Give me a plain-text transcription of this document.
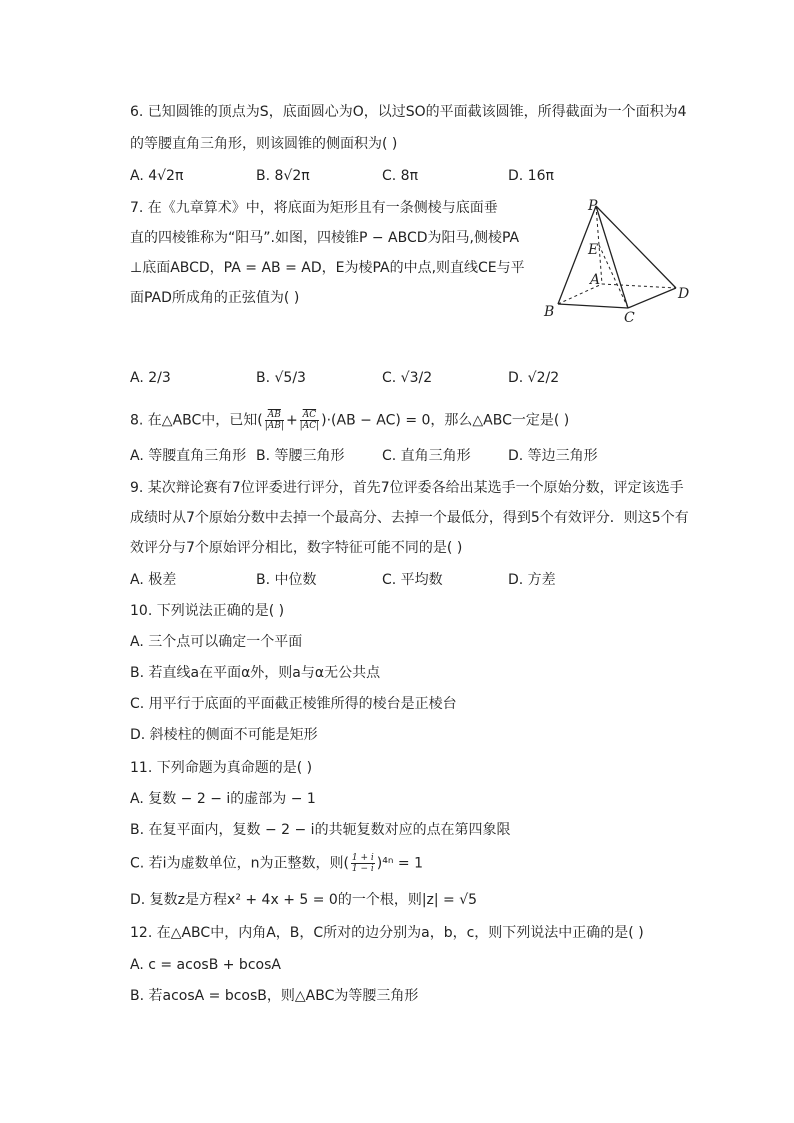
6. 已知圆锥的顶点为S，底面圆心为O，以过SO的平面截该圆锥，所得截面为一个面积为4
的等腰直角三角形，则该圆锥的侧面积为( )
A. 4√2π	B. 8√2π	C. 8π	D. 16π
7. 在《九章算术》中，将底面为矩形且有一条侧棱与底面垂
直的四棱锥称为“阳马”.如图，四棱锥P − ABCD为阳马,侧棱PA
⊥底面ABCD，PA = AB = AD，E为棱PA的中点,则直线CE与平
面PAD所成角的正弦值为( )
P
E
A
D
B	C
A. 2/3	B. √5/3	C. √3/2	D. √2/2
8. 在△ABC中，已知( $\frac{\overline{AB}}{|AB|} + \frac{\overline{AC}}{|AC|} )\cdot(AB - AC) = 0$，那么△ABC一定是( )
A. 等腰直角三角形 B. 等腰三角形	C. 直角三角形	D. 等边三角形
9. 某次辩论赛有7位评委进行评分，首先7位评委各给出某选手一个原始分数，评定该选手
成绩时从7个原始分数中去掉一个最高分、去掉一个最低分，得到5个有效评分．则这5个有
效评分与7个原始评分相比，数字特征可能不同的是( )
A. 极差	B. 中位数	C. 平均数	D. 方差
10. 下列说法正确的是( )
A. 三个点可以确定一个平面
B. 若直线a在平面α外，则a与α无公共点
C. 用平行于底面的平面截正棱锥所得的棱台是正棱台
D. 斜棱柱的侧面不可能是矩形
11. 下列命题为真命题的是( )
A. 复数 − 2 − i的虚部为 − 1
B. 在复平面内，复数 − 2 − i的共轭复数对应的点在第四象限
C. 若i为虚数单位，n为正整数，则( $\frac{1 + i}{1 - i} )^{4n} = 1$
D. 复数z是方程x² + 4x + 5 = 0的一个根，则|z| = √5
12. 在△ABC中，内角A，B，C所对的边分别为a，b，c，则下列说法中正确的是( )
A. c = acosB + bcosA
B. 若acosA = bcosB，则△ABC为等腰三角形
